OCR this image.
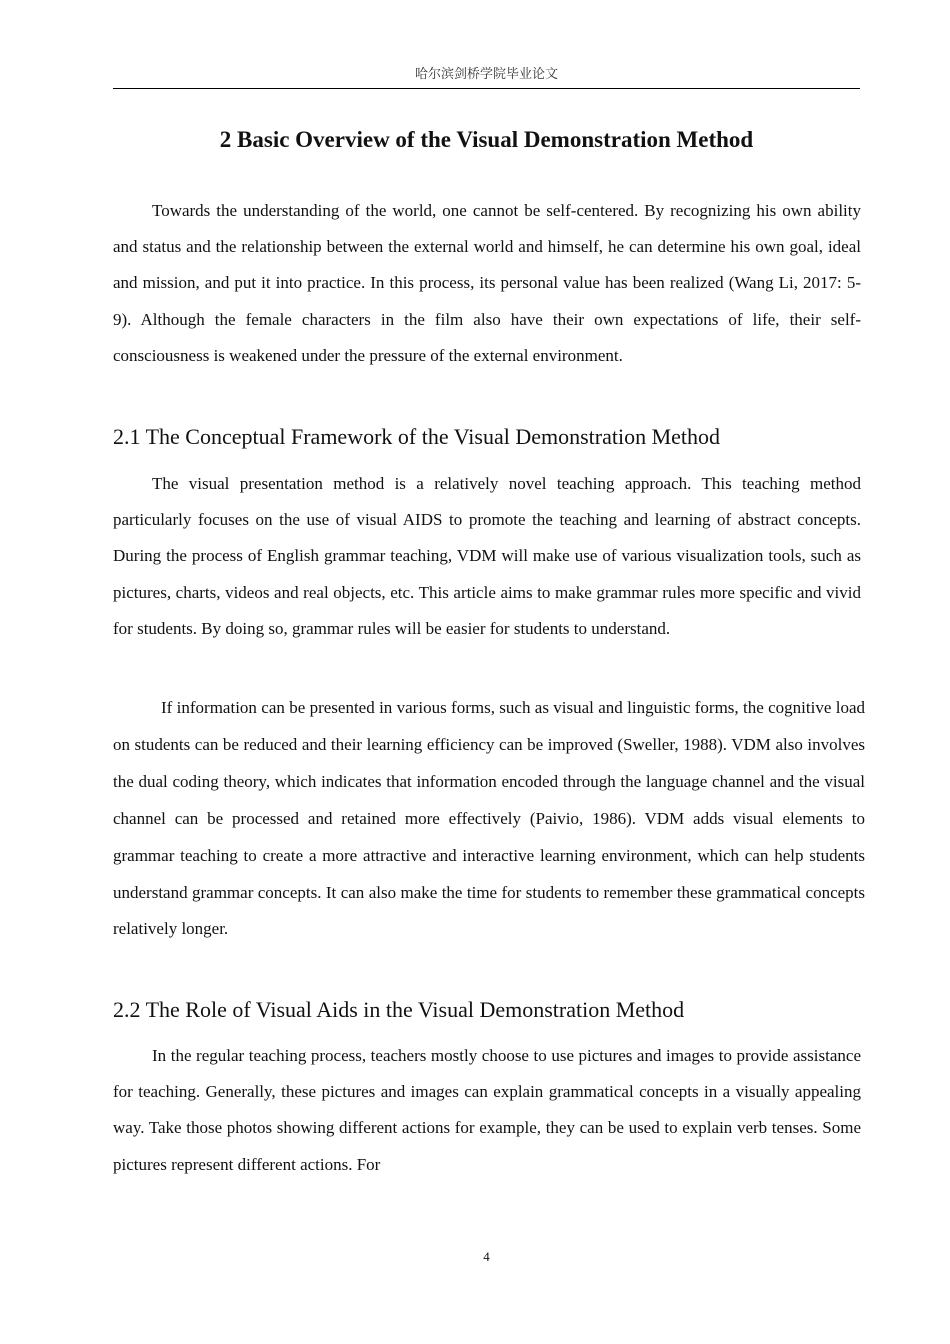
哈尔滨剑桥学院毕业论文
2 Basic Overview of the Visual Demonstration Method

Towards the understanding of the world, one cannot be self-centered. By recognizing his own ability and status and the relationship between the external world and himself, he can determine his own goal, ideal and mission, and put it into practice. In this process, its personal value has been realized (Wang Li, 2017: 5-9). Although the female characters in the film also have their own expectations of life, their self-consciousness is weakened under the pressure of the external environment.

2.1 The Conceptual Framework of the Visual Demonstration Method

The visual presentation method is a relatively novel teaching approach. This teaching method particularly focuses on the use of visual AIDS to promote the teaching and learning of abstract concepts. During the process of English grammar teaching, VDM will make use of various visualization tools, such as pictures, charts, videos and real objects, etc. This article aims to make grammar rules more specific and vivid for students. By doing so, grammar rules will be easier for students to understand.

If information can be presented in various forms, such as visual and linguistic forms, the cognitive load on students can be reduced and their learning efficiency can be improved (Sweller, 1988). VDM also involves the dual coding theory, which indicates that information encoded through the language channel and the visual channel can be processed and retained more effectively (Paivio, 1986). VDM adds visual elements to grammar teaching to create a more attractive and interactive learning environment, which can help students understand grammar concepts. It can also make the time for students to remember these grammatical concepts relatively longer.

2.2 The Role of Visual Aids in the Visual Demonstration Method

In the regular teaching process, teachers mostly choose to use pictures and images to provide assistance for teaching. Generally, these pictures and images can explain grammatical concepts in a visually appealing way. Take those photos showing different actions for example, they can be used to explain verb tenses. Some pictures represent different actions. For

4
